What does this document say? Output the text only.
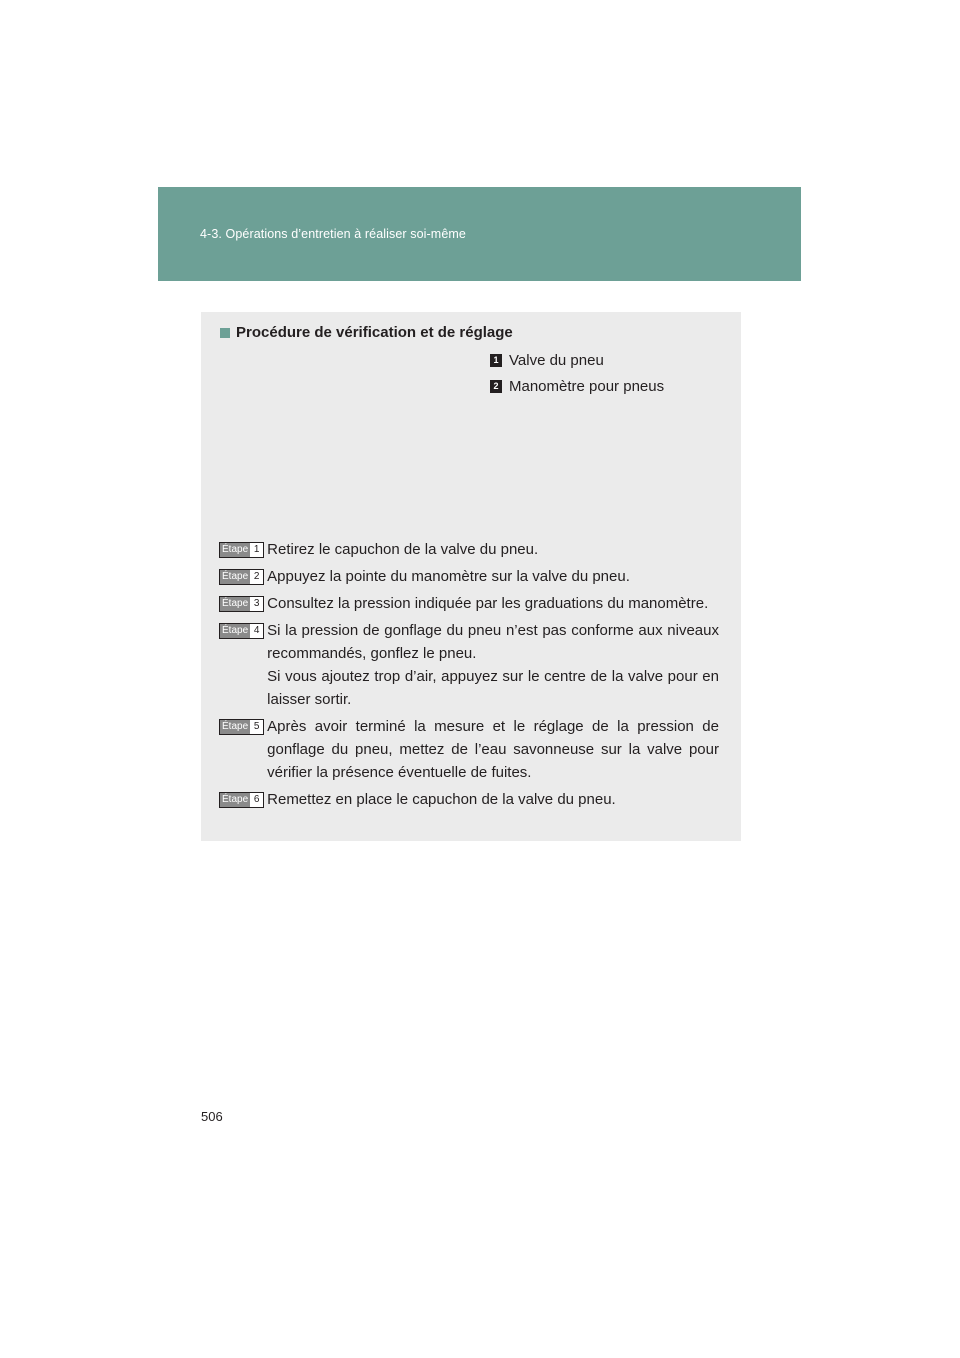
4-3. Opérations d’entretien à réaliser soi-même
Procédure de vérification et de réglage
1 Valve du pneu
2 Manomètre pour pneus
Étape 1 Retirez le capuchon de la valve du pneu.
Étape 2 Appuyez la pointe du manomètre sur la valve du pneu.
Étape 3 Consultez la pression indiquée par les graduations du manomètre.
Étape 4 Si la pression de gonflage du pneu n’est pas conforme aux niveaux recommandés, gonflez le pneu.

Si vous ajoutez trop d’air, appuyez sur le centre de la valve pour en laisser sortir.

Étape 5 Après avoir terminé la mesure et le réglage de la pression de gonflage du pneu, mettez de l’eau savonneuse sur la valve pour vérifier la présence éventuelle de fuites.
Étape 6 Remettez en place le capuchon de la valve du pneu.
506
